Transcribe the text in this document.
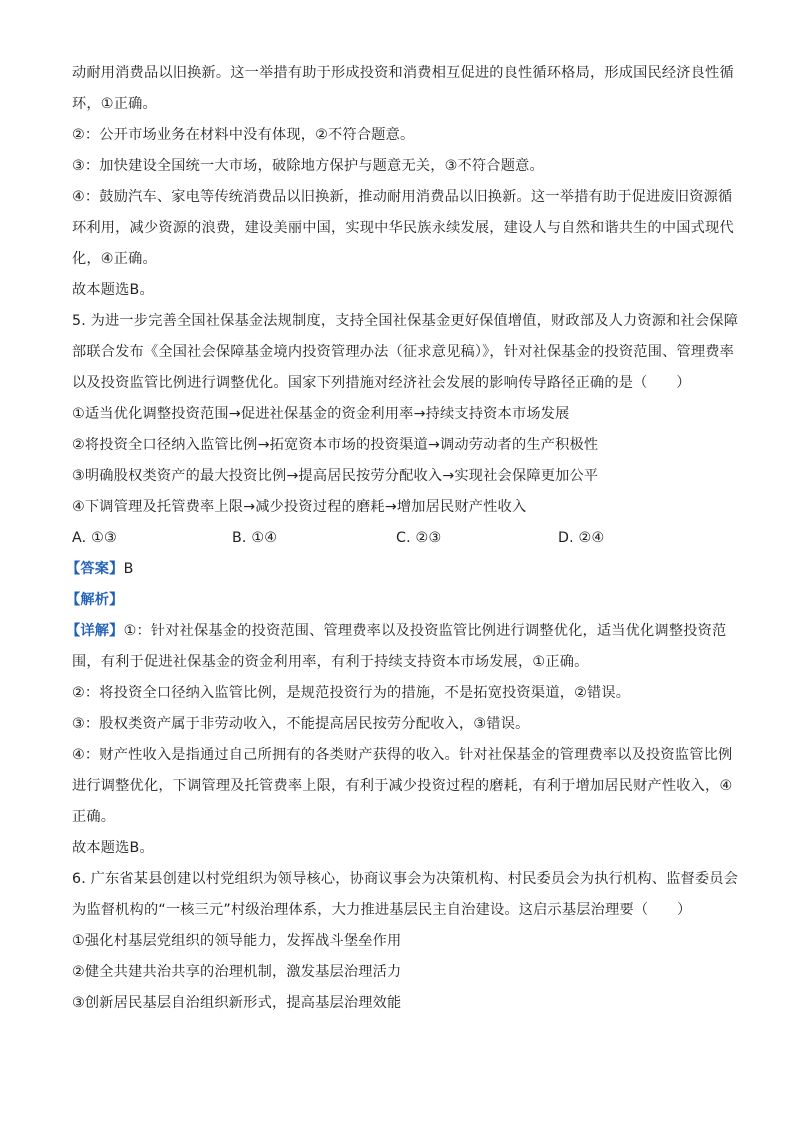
动耐用消费品以旧换新。这一举措有助于形成投资和消费相互促进的良性循环格局，形成国民经济良性循

环，①正确。

②：公开市场业务在材料中没有体现，②不符合题意。

③：加快建设全国统一大市场，破除地方保护与题意无关，③不符合题意。

④：鼓励汽车、家电等传统消费品以旧换新，推动耐用消费品以旧换新。这一举措有助于促进废旧资源循

环利用，减少资源的浪费，建设美丽中国，实现中华民族永续发展，建设人与自然和谐共生的中国式现代

化，④正确。

故本题选B。

5. 为进一步完善全国社保基金法规制度，支持全国社保基金更好保值增值，财政部及人力资源和社会保障

部联合发布《全国社会保障基金境内投资管理办法（征求意见稿）》，针对社保基金的投资范围、管理费率

以及投资监管比例进行调整优化。国家下列措施对经济社会发展的影响传导路径正确的是（　　）

①适当优化调整投资范围→促进社保基金的资金利用率→持续支持资本市场发展

②将投资全口径纳入监管比例→拓宽资本市场的投资渠道→调动劳动者的生产积极性

③明确股权类资产的最大投资比例→提高居民按劳分配收入→实现社会保障更加公平

④下调管理及托管费率上限→减少投资过程的磨耗→增加居民财产性收入

A. ①③	B. ①④	C. ②③	D. ②④

【答案】B

【解析】

【详解】①：针对社保基金的投资范围、管理费率以及投资监管比例进行调整优化，适当优化调整投资范

围，有利于促进社保基金的资金利用率，有利于持续支持资本市场发展，①正确。

②：将投资全口径纳入监管比例，是规范投资行为的措施，不是拓宽投资渠道，②错误。

③：股权类资产属于非劳动收入，不能提高居民按劳分配收入，③错误。

④：财产性收入是指通过自己所拥有的各类财产获得的收入。针对社保基金的管理费率以及投资监管比例

进行调整优化，下调管理及托管费率上限，有利于减少投资过程的磨耗，有利于增加居民财产性收入，④

正确。

故本题选B。

6. 广东省某县创建以村党组织为领导核心，协商议事会为决策机构、村民委员会为执行机构、监督委员会

为监督机构的“一核三元”村级治理体系，大力推进基层民主自治建设。这启示基层治理要（　　）

①强化村基层党组织的领导能力，发挥战斗堡垒作用

②健全共建共治共享的治理机制，激发基层治理活力

③创新居民基层自治组织新形式，提高基层治理效能
